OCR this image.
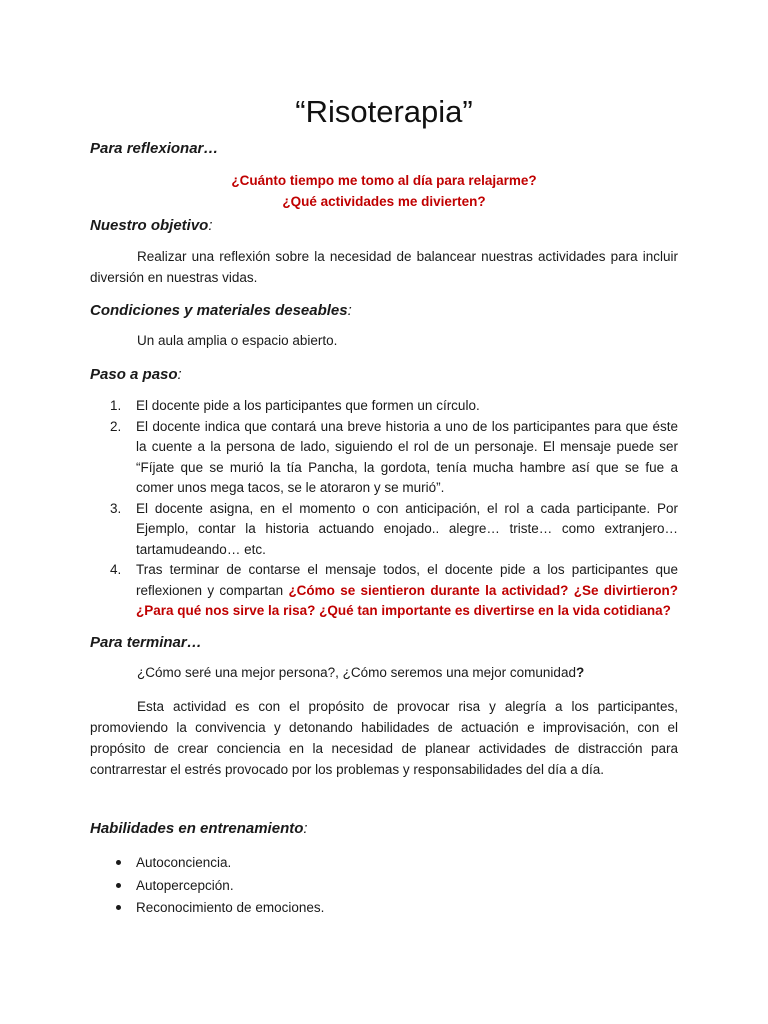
“Risoterapia”
Para reflexionar…
¿Cuánto tiempo me tomo al día para relajarme?
¿Qué actividades me divierten?
Nuestro objetivo:
Realizar una reflexión sobre la necesidad de balancear nuestras actividades para incluir diversión en nuestras vidas.
Condiciones y materiales deseables:
Un aula amplia o espacio abierto.
Paso a paso:
1. El docente pide a los participantes que formen un círculo.
2. El docente indica que contará una breve historia a uno de los participantes para que éste la cuente a la persona de lado, siguiendo el rol de un personaje. El mensaje puede ser “Fíjate que se murió la tía Pancha, la gordota, tenía mucha hambre así que se fue a comer unos mega tacos, se le atoraron y se murió”.
3. El docente asigna, en el momento o con anticipación, el rol a cada participante. Por Ejemplo, contar la historia actuando enojado.. alegre… triste… como extranjero… tartamudeando… etc.
4. Tras terminar de contarse el mensaje todos, el docente pide a los participantes que reflexionen y compartan ¿Cómo se sientieron durante la actividad? ¿Se divirtieron? ¿Para qué nos sirve la risa? ¿Qué tan importante es divertirse en la vida cotidiana?
Para terminar…
¿Cómo seré una mejor persona?, ¿Cómo seremos una mejor comunidad?
Esta actividad es con el propósito de provocar risa y alegría a los participantes, promoviendo la convivencia y detonando habilidades de actuación e improvisación, con el propósito de crear conciencia en la necesidad de planear actividades de distracción para contrarrestar el estrés provocado por los problemas y responsabilidades del día a día.
Habilidades en entrenamiento:
Autoconciencia.
Autopercepción.
Reconocimiento de emociones.
